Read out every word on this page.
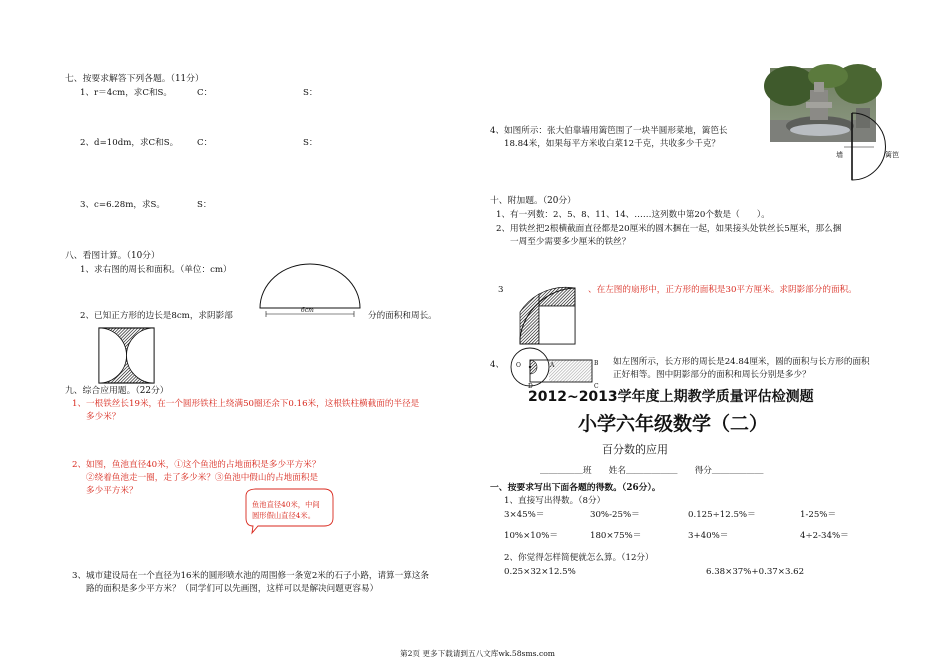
七、按要求解答下列各题。（11分）
1、r＝4cm，求C和S。	C：	S：
2、d=10dm，求C和S。 C：	S：
3、c=6.28m，求S。	S：
八、看图计算。（10分）
1、求右图的周长和面积。（单位：cm）
6cm
2、已知正方形的边长是8cm，求阴影部	分的面积和周长。
九、综合应用题。（22分）
1、一根铁丝长19米，在一个圆形铁柱上绕满50圈还余下0.16米，这根铁柱横截面的半径是
多少米？
2、如图，鱼池直径40米，①这个鱼池的占地面积是多少平方米？
②绕着鱼池走一圈，走了多少米？③鱼池中假山的占地面积是
多少平方米？
鱼池直径40米，中间
圆形假山直径4米。
3、城市建设局在一个直径为16米的圆形喷水池的周围修一条宽2米的石子小路，请算一算这条
路的面积是多少平方米？（同学们可以先画图，这样可以是解决问题更容易）
4、如图所示：张大伯靠墙用篱笆围了一块半圆形菜地，篱笆长
18.84米，如果每平方米收白菜12千克，共收多少千克？
墙	篱笆
十、附加题。（20分）
1、有一列数：2、5、8、11、14、……这列数中第20个数是（　　）。
2、用铁丝把2根横截面直径都是20厘米的圆木捆在一起，如果接头处铁丝长5厘米，那么捆
一周至少需要多少厘米的铁丝？
3	、在左图的扇形中，正方形的面积是30平方厘米。求阴影部分的面积。
4、 O	A	B
C
D
如左图所示，长方形的周长是24.84厘米，圆的面积与长方形的面积
正好相等。图中阴影部分的面积和周长分别是多少？
2012~2013学年度上期教学质量评估检测题
小学六年级数学（二）
百分数的应用
＿＿＿＿＿班　　姓名＿＿＿＿＿＿　　得分＿＿＿＿＿＿
一、按要求写出下面各题的得数。（26分）。
1、直接写出得数。（8分）
3×45%＝	30%-25%＝	0.125÷12.5%＝	1-25%＝
10%×10%＝	180×75%＝	3+40%＝	4÷2-34%＝
2、你觉得怎样简便就怎么算。（12分）
0.25×32×12.5%	6.38×37%+0.37×3.62
第2页 更多下载请到五八文库wk.58sms.com
